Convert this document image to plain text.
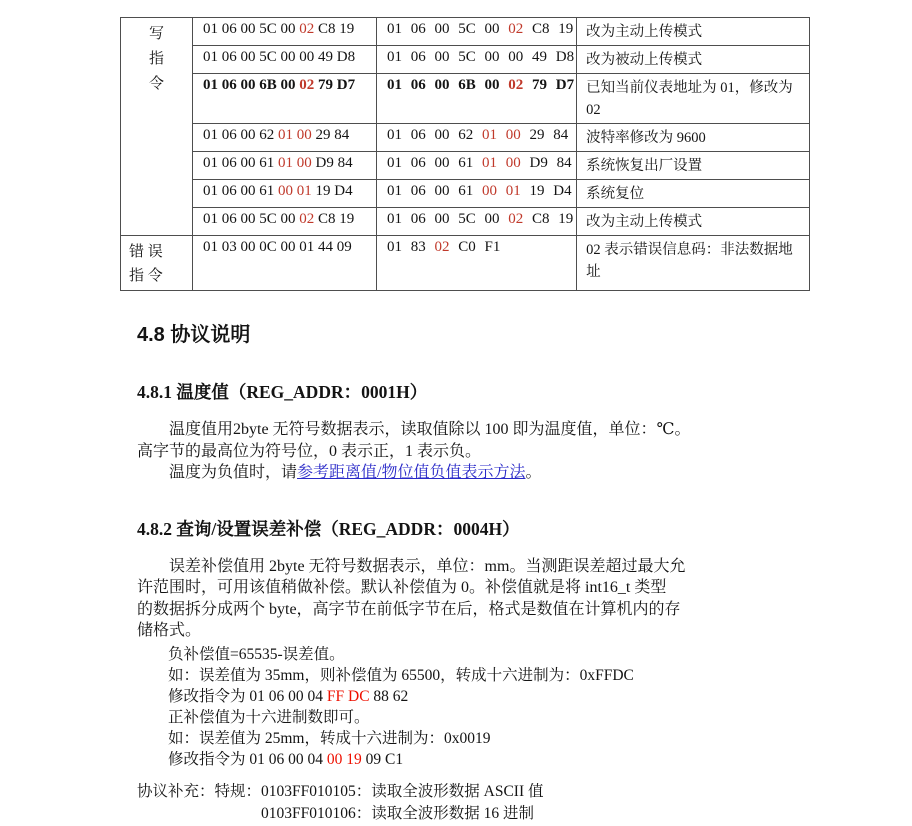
写
指
令	01 06 00 5C 00 02 C8 19	01 06 00 5C 00 02 C8 19	改为主动上传模式
	01 06 00 5C 00 00 49 D8	01 06 00 5C 00 00 49 D8	改为被动上传模式
	01 06 00 6B 00 02 79 D7	01 06 00 6B 00 02 79 D7	已知当前仪表地址为 01，修改为 02
	01 06 00 62 01 00 29 84	01 06 00 62 01 00 29 84	波特率修改为 9600
	01 06 00 61 01 00 D9 84	01 06 00 61 01 00 D9 84	系统恢复出厂设置
	01 06 00 61 00 01 19 D4	01 06 00 61 00 01 19 D4	系统复位
	01 06 00 5C 00 02 C8 19	01 06 00 5C 00 02 C8 19	改为主动上传模式

错 误
指 令	01 03 00 0C 00 01 44 09	01 83 02 C0 F1	02 表示错误信息码：非法数据地址
4.8 协议说明
4.8.1 温度值（REG_ADDR：0001H）
温度值用2byte 无符号数据表示，读取值除以 100 即为温度值，单位：℃。
高字节的最高位为符号位，0 表示正，1 表示负。
温度为负值时，请参考距离值/物位值负值表示方法。
4.8.2 查询/设置误差补偿（REG_ADDR：0004H）
误差补偿值用 2byte 无符号数据表示，单位：mm。当测距误差超过最大允
许范围时，可用该值稍做补偿。默认补偿值为 0。补偿值就是将 int16_t 类型
的数据拆分成两个 byte，高字节在前低字节在后，格式是数值在计算机内的存
储格式。
负补偿值=65535-误差值。
如：误差值为 35mm，则补偿值为 65500，转成十六进制为：0xFFDC
修改指令为 01 06 00 04 FF DC 88 62
正补偿值为十六进制数即可。
如：误差值为 25mm，转成十六进制为：0x0019
修改指令为 01 06 00 04 00 19 09 C1
协议补充：特规： 0103FF010105：读取全波形数据 ASCII 值
0103FF010106：读取全波形数据 16 进制
